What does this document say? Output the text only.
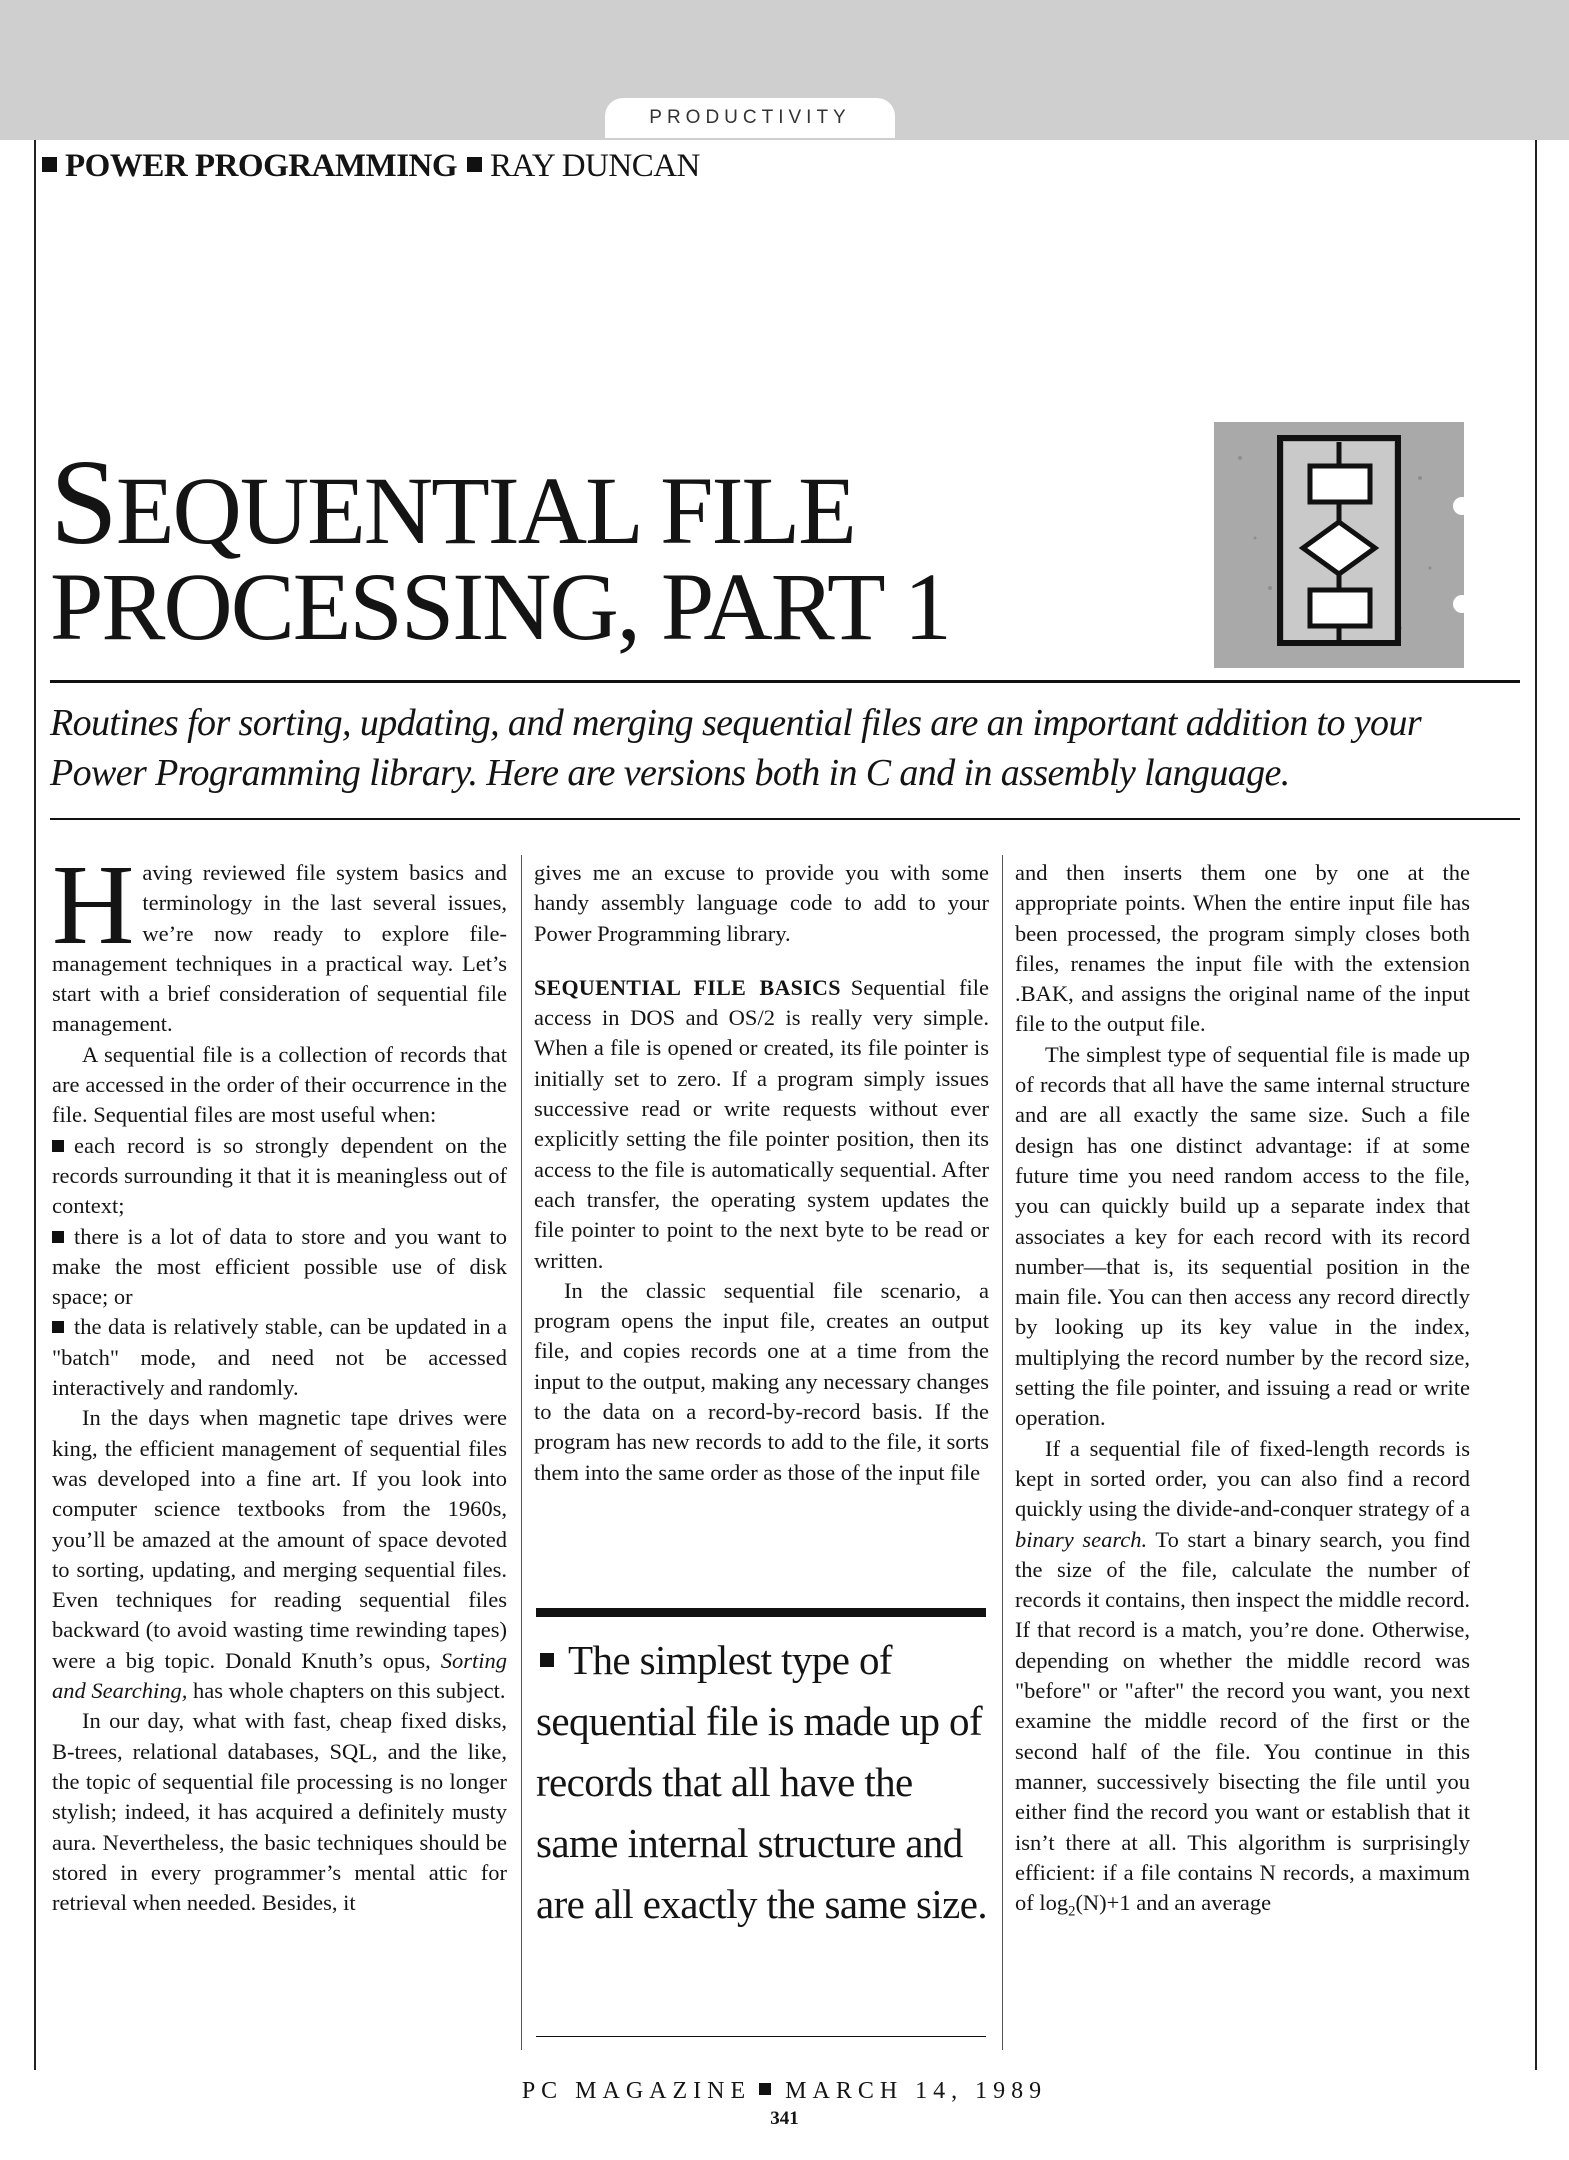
PRODUCTIVITY
POWER PROGRAMMING RAY DUNCAN
SEQUENTIAL FILE
PROCESSING, PART 1

Routines for sorting, updating, and merging sequential files are an important addition to your Power Programming library. Here are versions both in C and in assembly language.

Having reviewed file system basics and terminology in the last several issues, we’re now ready to explore file-management techniques in a practical way. Let’s start with a brief consideration of sequential file management.

A sequential file is a collection of records that are accessed in the order of their occurrence in the file. Sequential files are most useful when:

each record is so strongly dependent on the records surrounding it that it is meaningless out of context;
there is a lot of data to store and you want to make the most efficient possible use of disk space; or
the data is relatively stable, can be updated in a "batch" mode, and need not be accessed interactively and randomly.

In the days when magnetic tape drives were king, the efficient management of sequential files was developed into a fine art. If you look into computer science textbooks from the 1960s, you’ll be amazed at the amount of space devoted to sorting, updating, and merging sequential files. Even techniques for reading sequential files backward (to avoid wasting time rewinding tapes) were a big topic. Donald Knuth’s opus, Sorting and Searching, has whole chapters on this subject.

In our day, what with fast, cheap fixed disks, B-trees, relational databases, SQL, and the like, the topic of sequential file processing is no longer stylish; indeed, it has acquired a definitely musty aura. Nevertheless, the basic techniques should be stored in every programmer’s mental attic for retrieval when needed. Besides, it

gives me an excuse to provide you with some handy assembly language code to add to your Power Programming library.

SEQUENTIAL FILE BASICS Sequential file access in DOS and OS/2 is really very simple. When a file is opened or created, its file pointer is initially set to zero. If a program simply issues successive read or write requests without ever explicitly setting the file pointer position, then its access to the file is automatically sequential. After each transfer, the operating system updates the file pointer to point to the next byte to be read or written.

In the classic sequential file scenario, a program opens the input file, creates an output file, and copies records one at a time from the input to the output, making any necessary changes to the data on a record-by-record basis. If the program has new records to add to the file, it sorts them into the same order as those of the input file

The simplest type of sequential file is made up of records that all have the same internal structure and are all exactly the same size.

and then inserts them one by one at the appropriate points. When the entire input file has been processed, the program simply closes both files, renames the input file with the extension .BAK, and assigns the original name of the input file to the output file.

The simplest type of sequential file is made up of records that all have the same internal structure and are all exactly the same size. Such a file design has one distinct advantage: if at some future time you need random access to the file, you can quickly build up a separate index that associates a key for each record with its record number—that is, its sequential position in the main file. You can then access any record directly by looking up its key value in the index, multiplying the record number by the record size, setting the file pointer, and issuing a read or write operation.

If a sequential file of fixed-length records is kept in sorted order, you can also find a record quickly using the divide-and-conquer strategy of a binary search. To start a binary search, you find the size of the file, calculate the number of records it contains, then inspect the middle record. If that record is a match, you’re done. Otherwise, depending on whether the middle record was "before" or "after" the record you want, you next examine the middle record of the first or the second half of the file. You continue in this manner, successively bisecting the file until you either find the record you want or establish that it isn’t there at all. This algorithm is surprisingly efficient: if a file contains N records, a maximum of $\log_2(N)+1$ and an average

PC MAGAZINE MARCH 14, 1989
341
